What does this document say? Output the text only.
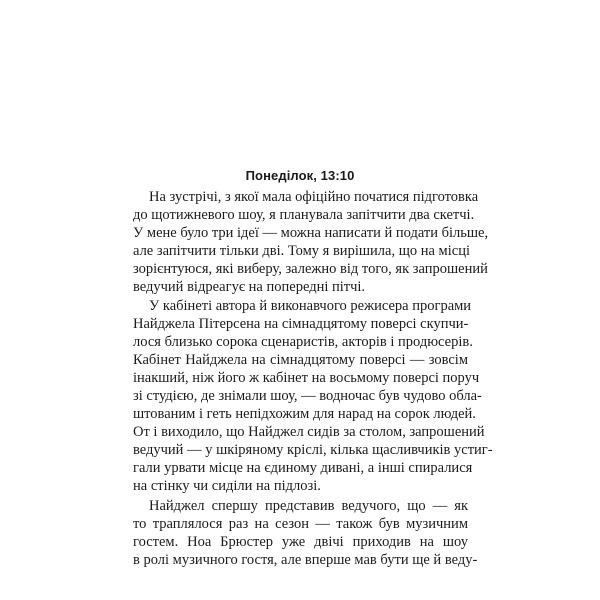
Понеділок, 13:10
На зустрічі, з якої мала офіційно початися підготовка
до щотижневого шоу, я планувала запітчити два скетчі.
У мене було три ідеї — можна написати й подати більше,
але запітчити тільки дві. Тому я вирішила, що на місці
зорієнтуюся, які виберу, залежно від того, як запрошений
ведучий відреагує на попередні пітчі.
У кабінеті автора й виконавчого режисера програми
Найджела Пітерсена на сімнадцятому поверсі скупчи-
лося близько сорока сценаристів, акторів і продюсерів.
Кабінет Найджела на сімнадцятому поверсі — зовсім
інакший, ніж його ж кабінет на восьмому поверсі поруч
зі студією, де знімали шоу, — водночас був чудово обла-
штованим і геть непідхожим для нарад на сорок людей.
От і виходило, що Найджел сидів за столом, запрошений
ведучий — у шкіряному кріслі, кілька щасливчиків устиг-
гали урвати місце на єдиному дивані, а інші спиралися
на стінку чи сиділи на підлозі.
Найджел спершу представив ведучого, що — як
то траплялося раз на сезон — також був музичним
гостем. Ноа Брюстер уже двічі приходив на шоу
в ролі музичного гостя, але вперше мав бути ще й веду-
